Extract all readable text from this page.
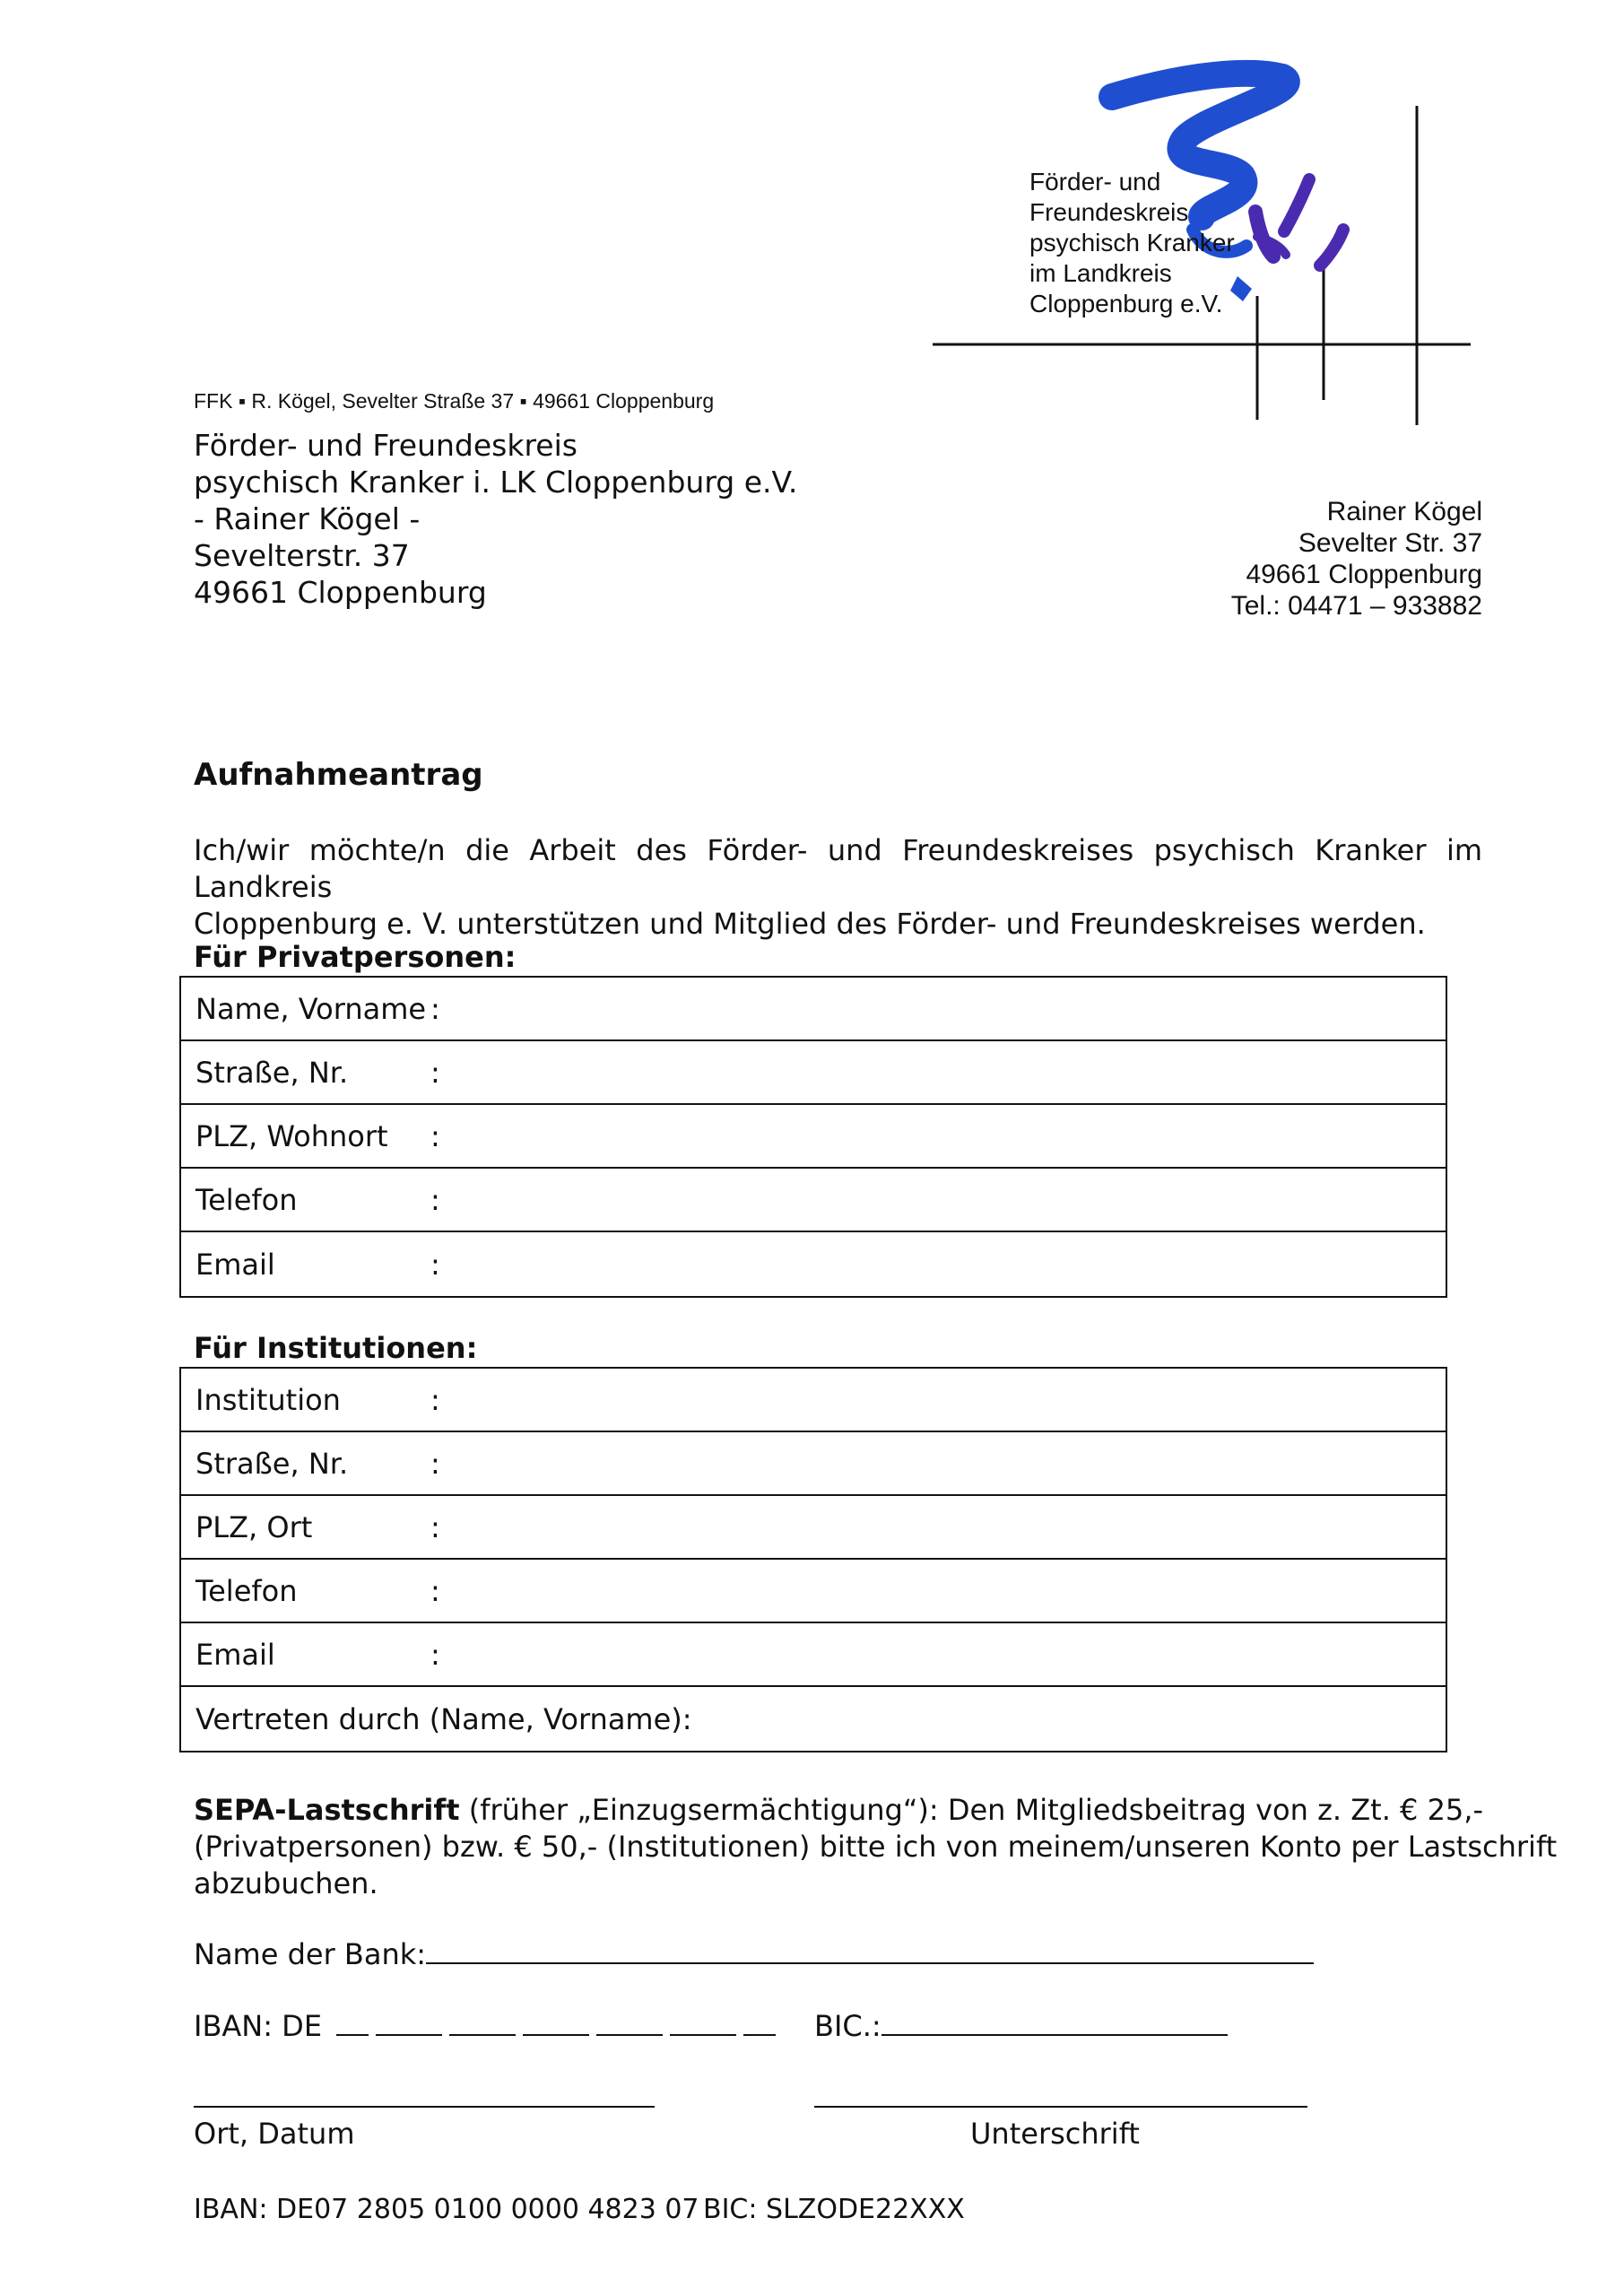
Förder- und
Freundeskreis
psychisch Kranker
im Landkreis
Cloppenburg e.V.
FFK ▪ R. Kögel, Sevelter Straße 37 ▪ 49661 Cloppenburg
Förder- und Freundeskreis
psychisch Kranker i. LK Cloppenburg e.V.
- Rainer Kögel -
Sevelterstr. 37
49661 Cloppenburg
Rainer Kögel
Sevelter Str. 37
49661 Cloppenburg
Tel.: 04471 – 933882
Aufnahmeantrag
Ich/wir möchte/n die Arbeit des Förder- und Freundeskreises psychisch Kranker im Landkreis
Cloppenburg e. V. unterstützen und Mitglied des Förder- und Freundeskreises werden.
Für Privatpersonen:
Name, Vorname :
Straße, Nr.	:
PLZ, Wohnort :
Telefon	:
Email	:
Für Institutionen:
Institution	:
Straße, Nr.	:
PLZ, Ort	:
Telefon	:
Email	:
Vertreten durch (Name, Vorname):
SEPA-Lastschrift (früher „Einzugsermächtigung“): Den Mitgliedsbeitrag von z. Zt. € 25,-
(Privatpersonen) bzw. € 50,- (Institutionen) bitte ich von meinem/unseren Konto per Lastschrift
abzubuchen.
Name der Bank:
IBAN: DE	BIC.:
Ort, Datum	Unterschrift
IBAN: DE07 2805 0100 0000 4823 07 BIC: SLZODE22XXX
